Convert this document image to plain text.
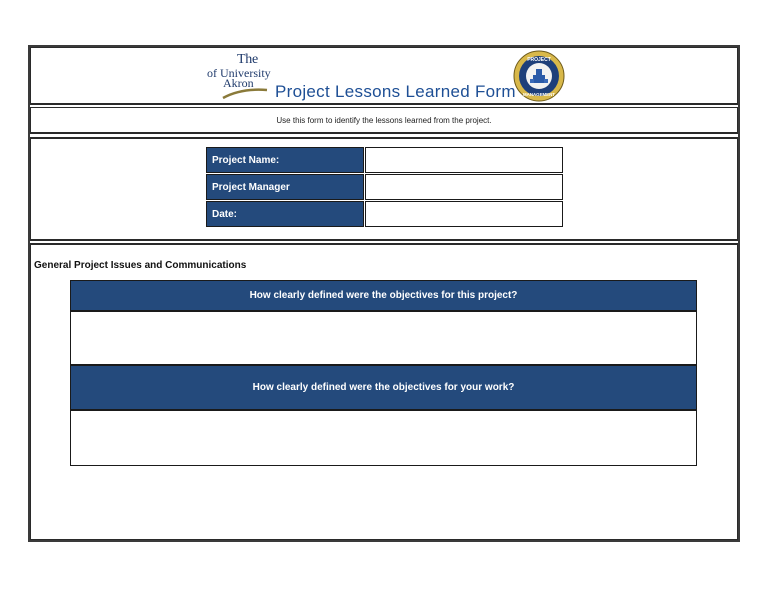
The
of University
Akron Project Lessons Learned Form
PROJECT
MANAGEMENT
Use this form to identify the lessons learned from the project.
Project Name:
Project Manager
Date:
General Project Issues and Communications
How clearly defined were the objectives for this project?
How clearly defined were the objectives for your work?
